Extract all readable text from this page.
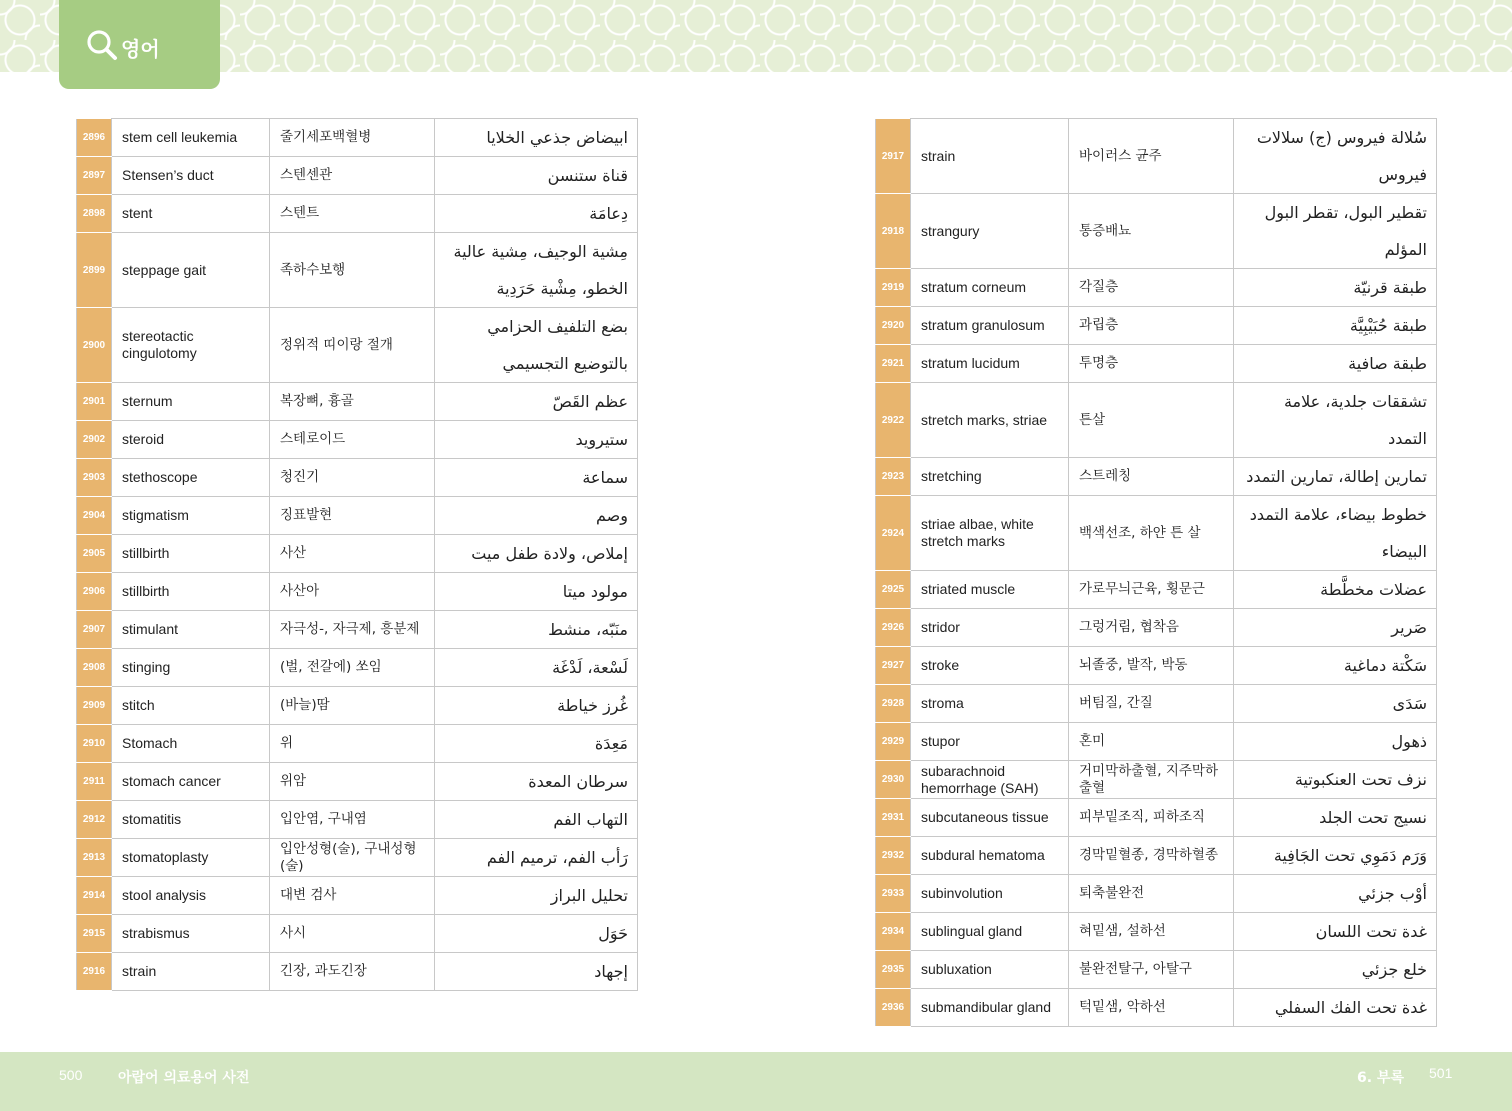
영어
2896	stem cell leukemia	줄기세포백혈병	ابيضاض جذعي الخلايا
2897	Stensen’s duct	스텐센관	قناة ستنسن
2898	stent	스텐트	دِعامَة
2899	steppage gait	족하수보행	مِشية الوجيف، مِشية عالية الخطو، مِشْية حَرَدِية
2900	stereotactic cingulotomy	정위적 띠이랑 절개	بضع التلفيف الحزامي بالتوضيع التجسيمي
2901	sternum	복장뼈, 흉골	عظم القَصّ
2902	steroid	스테로이드	ستيرويد
2903	stethoscope	청진기	سماعة
2904	stigmatism	징표발현	وصم
2905	stillbirth	사산	إملاص، ولادة طفل ميت
2906	stillbirth	사산아	مولود ميتا
2907	stimulant	자극성-, 자극제, 흥분제	منَبّه، منشط
2908	stinging	(벌, 전갈에) 쏘임	لَسْعة، لَدْغَة
2909	stitch	(바늘)땀	غُرز خياطة
2910	Stomach	위	مَعِدَة
2911	stomach cancer	위암	سرطان المعدة
2912	stomatitis	입안염, 구내염	التهاب الفم
2913	stomatoplasty	입안성형(술), 구내성형(술)	رَأب الفم، ترميم الفم
2914	stool analysis	대변 검사	تحليل البراز
2915	strabismus	사시	حَوَل
2916	strain	긴장, 과도긴장	إجهاد
2917	strain	바이러스 균주	سُلالة فيروس (ج) سلالات فيروس
2918	strangury	통증배뇨	تقطير البول، تقطر البول المؤلم
2919	stratum corneum	각질층	طبقة قرنيّة
2920	stratum granulosum	과립층	طبقة حُبَيْبِيَّة
2921	stratum lucidum	투명층	طبقة صافية
2922	stretch marks, striae	튼살	تشققات جلدية، علامة التمدد
2923	stretching	스트레칭	تمارين إطالة، تمارين التمدد
2924	striae albae, white stretch marks	백색선조, 하얀 튼 살	خطوط بيضاء، علامة التمدد البيضاء
2925	striated muscle	가로무늬근육, 횡문근	عضلات مخطَّطة
2926	stridor	그렁거림, 협착음	صَرير
2927	stroke	뇌졸중, 발작, 박동	سَكْتة دماغية
2928	stroma	버팀질, 간질	سَدَى
2929	stupor	혼미	ذهول
2930	subarachnoid hemorrhage (SAH)	거미막하출혈, 지주막하출혈	نزف تحت العنكبوتية
2931	subcutaneous tissue	피부밑조직, 피하조직	نسيج تحت الجلد
2932	subdural hematoma	경막밑혈종, 경막하혈종	وَرَم دَمَوِي تحت الجَافِية
2933	subinvolution	퇴축불완전	أوْب جزئي
2934	sublingual gland	혀밑샘, 설하선	غدة تحت اللسان
2935	subluxation	불완전탈구, 아탈구	خلع جزئي
2936	submandibular gland	턱밑샘, 악하선	غدة تحت الفك السفلي
500	아랍어 의료용어 사전	6. 부록 501
